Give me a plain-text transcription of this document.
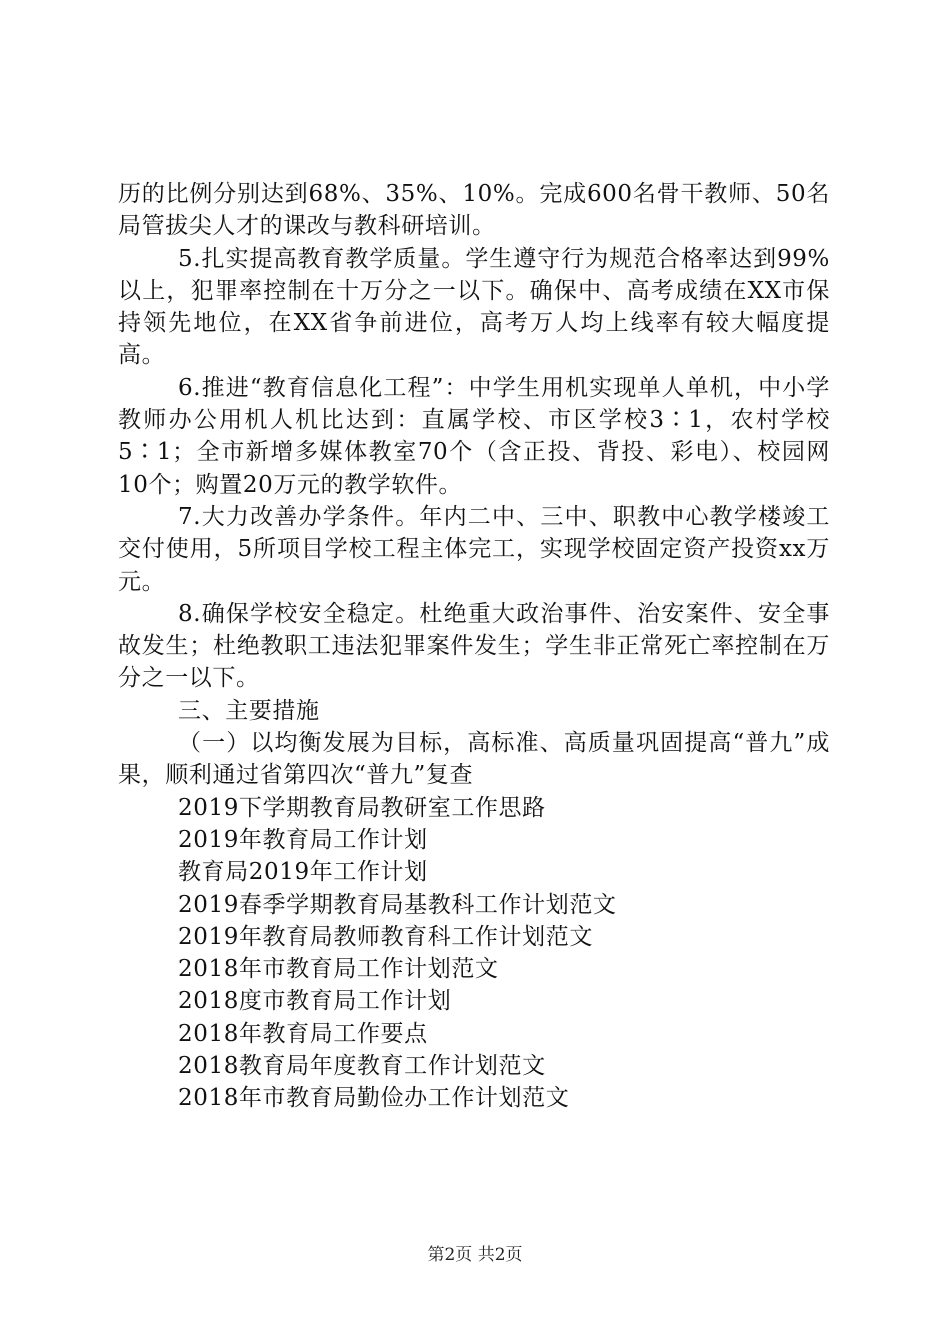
历的比例分别达到68%、35%、10%。完成600名骨干教师、50名局管拔尖人才的课改与教科研培训。

5.扎实提高教育教学质量。学生遵守行为规范合格率达到99%以上，犯罪率控制在十万分之一以下。确保中、高考成绩在XX市保持领先地位，在XX省争前进位，高考万人均上线率有较大幅度提高。

6.推进“教育信息化工程”：中学生用机实现单人单机，中小学教师办公用机人机比达到：直属学校、市区学校3∶1，农村学校5∶1；全市新增多媒体教室70个（含正投、背投、彩电）、校园网10个；购置20万元的教学软件。

7.大力改善办学条件。年内二中、三中、职教中心教学楼竣工交付使用，5所项目学校工程主体完工，实现学校固定资产投资xx万元。

8.确保学校安全稳定。杜绝重大政治事件、治安案件、安全事故发生；杜绝教职工违法犯罪案件发生；学生非正常死亡率控制在万分之一以下。

三、主要措施

（一）以均衡发展为目标，高标准、高质量巩固提高“普九”成果，顺利通过省第四次“普九”复查

2019下学期教育局教研室工作思路

2019年教育局工作计划

教育局2019年工作计划

2019春季学期教育局基教科工作计划范文

2019年教育局教师教育科工作计划范文

2018年市教育局工作计划范文

2018度市教育局工作计划

2018年教育局工作要点

2018教育局年度教育工作计划范文

2018年市教育局勤俭办工作计划范文

第2页 共2页
